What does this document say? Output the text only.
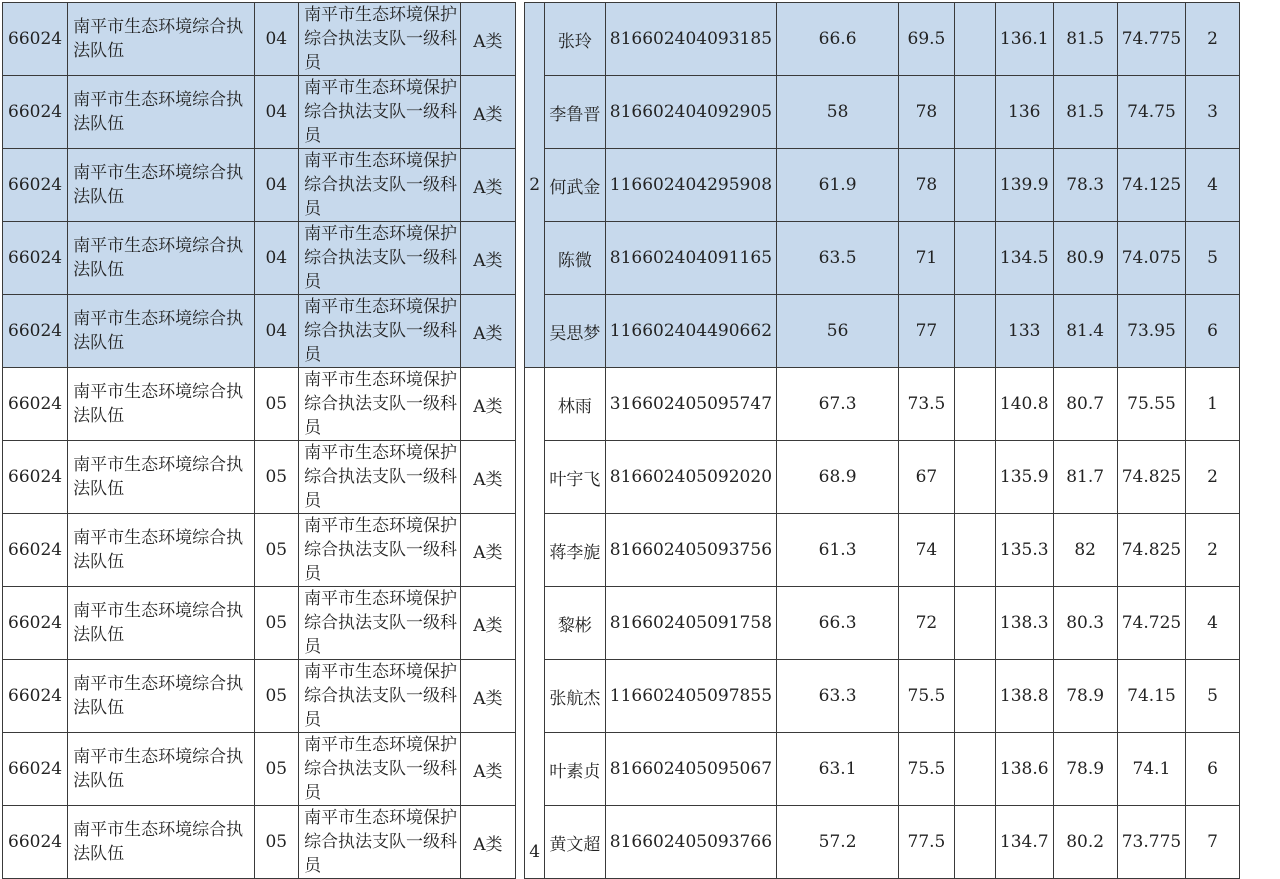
66024	南平市生态环境综合执法队伍	04	南平市生态环境保护综合执法支队一级科员	A类		2	张玲	816602404093185	66.6	69.5		136.1	81.5	74.775	2
66024	南平市生态环境综合执法队伍	04	南平市生态环境保护综合执法支队一级科员	A类			李鲁晋	816602404092905	58	78		136	81.5	74.75	3
66024	南平市生态环境综合执法队伍	04	南平市生态环境保护综合执法支队一级科员	A类			何武金	116602404295908	61.9	78		139.9	78.3	74.125	4
66024	南平市生态环境综合执法队伍	04	南平市生态环境保护综合执法支队一级科员	A类			陈微	816602404091165	63.5	71		134.5	80.9	74.075	5
66024	南平市生态环境综合执法队伍	04	南平市生态环境保护综合执法支队一级科员	A类			吴思梦	116602404490662	56	77		133	81.4	73.95	6
66024	南平市生态环境综合执法队伍	05	南平市生态环境保护综合执法支队一级科员	A类		4	林雨	316602405095747	67.3	73.5		140.8	80.7	75.55	1
66024	南平市生态环境综合执法队伍	05	南平市生态环境保护综合执法支队一级科员	A类			叶宇飞	816602405092020	68.9	67		135.9	81.7	74.825	2
66024	南平市生态环境综合执法队伍	05	南平市生态环境保护综合执法支队一级科员	A类			蒋李旎	816602405093756	61.3	74		135.3	82	74.825	2
66024	南平市生态环境综合执法队伍	05	南平市生态环境保护综合执法支队一级科员	A类			黎彬	816602405091758	66.3	72		138.3	80.3	74.725	4
66024	南平市生态环境综合执法队伍	05	南平市生态环境保护综合执法支队一级科员	A类			张航杰	116602405097855	63.3	75.5		138.8	78.9	74.15	5
66024	南平市生态环境综合执法队伍	05	南平市生态环境保护综合执法支队一级科员	A类			叶素贞	816602405095067	63.1	75.5		138.6	78.9	74.1	6
66024	南平市生态环境综合执法队伍	05	南平市生态环境保护综合执法支队一级科员	A类			黄文超	816602405093766	57.2	77.5		134.7	80.2	73.775	7
